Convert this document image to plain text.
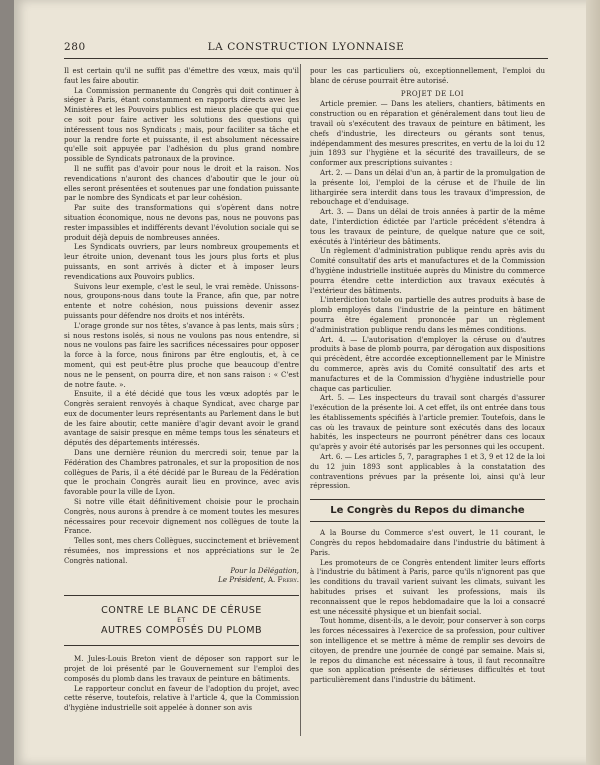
280	LA CONSTRUCTION LYONNAISE

Il est certain qu'il ne suffit pas d'émettre des vœux, mais qu'il faut les faire aboutir.

La Commission permanente du Congrès qui doit continuer à siéger à Paris, étant constamment en rapports directs avec les Ministères et les Pouvoirs publics est mieux placée que qui que ce soit pour faire activer les solutions des questions qui intéressent tous nos Syndicats ; mais, pour faciliter sa tâche et pour la rendre forte et puissante, il est absolument nécessaire qu'elle soit appuyée par l'adhésion du plus grand nombre possible de Syndicats patronaux de la province.

Il ne suffit pas d'avoir pour nous le droit et la raison. Nos revendications n'auront des chances d'aboutir que le jour où elles seront présentées et soutenues par une fondation puissante par le nombre des Syndicats et par leur cohésion.

Par suite des transformations qui s'opèrent dans notre situation économique, nous ne devons pas, nous ne pouvons pas rester impassibles et indifférents devant l'évolution sociale qui se produit déjà depuis de nombreuses années.

Les Syndicats ouvriers, par leurs nombreux groupements et leur étroite union, devenant tous les jours plus forts et plus puissants, en sont arrivés à dicter et à imposer leurs revendications aux Pouvoirs publics.

Suivons leur exemple, c'est le seul, le vrai remède. Unissons-nous, groupons-nous dans toute la France, afin que, par notre entente et notre cohésion, nous puissions devenir assez puissants pour défendre nos droits et nos intérêts.

L'orage gronde sur nos têtes, s'avance à pas lents, mais sûrs ; si nous restons isolés, si nous ne voulons pas nous entendre, si nous ne voulons pas faire les sacrifices nécessaires pour opposer la force à la force, nous finirons par être engloutis, et, à ce moment, qui est peut-être plus proche que beaucoup d'entre nous ne le pensent, on pourra dire, et non sans raison : « C'est de notre faute. ».

Ensuite, il a été décidé que tous les vœux adoptés par le Congrès seraient renvoyés à chaque Syndicat, avec charge par eux de documenter leurs représentants au Parlement dans le but de les faire aboutir, cette manière d'agir devant avoir le grand avantage de saisir presque en même temps tous les sénateurs et députés des départements intéressés.

Dans une dernière réunion du mercredi soir, tenue par la Fédération des Chambres patronales, et sur la proposition de nos collègues de Paris, il a été décidé par le Bureau de la Fédération que le prochain Congrès aurait lieu en province, avec avis favorable pour la ville de Lyon.

Si notre ville était définitivement choisie pour le prochain Congrès, nous aurons à prendre à ce moment toutes les mesures nécessaires pour recevoir dignement nos collègues de toute la France.

Telles sont, mes chers Collègues, succinctement et brièvement résumées, nos impressions et nos appréciations sur le 2e Congrès national.

Pour la Délégation,

Le Président, A. Frery.

CONTRE LE BLANC DE CÉRUSE
ET
AUTRES COMPOSÉS DU PLOMB

M. Jules-Louis Breton vient de déposer son rapport sur le projet de loi présenté par le Gouvernement sur l'emploi des composés du plomb dans les travaux de peinture en bâtiments.

Le rapporteur conclut en faveur de l'adoption du projet, avec cette réserve, toutefois, relative à l'article 4, que la Commission d'hygiène industrielle soit appelée à donner son avis

pour les cas particuliers où, exceptionnellement, l'emploi du blanc de céruse pourrait être autorisé.

PROJET DE LOI

Article premier. — Dans les ateliers, chantiers, bâtiments en construction ou en réparation et généralement dans tout lieu de travail où s'exécutent des travaux de peinture en bâtiment, les chefs d'industrie, les directeurs ou gérants sont tenus, indépendamment des mesures prescrites, en vertu de la loi du 12 juin 1893 sur l'hygiène et la sécurité des travailleurs, de se conformer aux prescriptions suivantes :

Art. 2. — Dans un délai d'un an, à partir de la promulgation de la présente loi, l'emploi de la céruse et de l'huile de lin lithargirée sera interdit dans tous les travaux d'impression, de rebouchage et d'enduisage.

Art. 3. — Dans un délai de trois années à partir de la même date, l'interdiction édictée par l'article précédent s'étendra à tous les travaux de peinture, de quelque nature que ce soit, exécutés à l'intérieur des bâtiments.

Un règlement d'administration publique rendu après avis du Comité consultatif des arts et manufactures et de la Commission d'hygiène industrielle instituée auprès du Ministre du commerce pourra étendre cette interdiction aux travaux exécutés à l'extérieur des bâtiments.

L'interdiction totale ou partielle des autres produits à base de plomb employés dans l'industrie de la peinture en bâtiment pourra être également prononcée par un règlement d'administration publique rendu dans les mêmes conditions.

Art. 4. — L'autorisation d'employer la céruse ou d'autres produits à base de plomb pourra, par dérogation aux dispositions qui précèdent, être accordée exceptionnellement par le Ministre du commerce, après avis du Comité consultatif des arts et manufactures et de la Commission d'hygiène industrielle pour chaque cas particulier.

Art. 5. — Les inspecteurs du travail sont chargés d'assurer l'exécution de la présente loi. A cet effet, ils ont entrée dans tous les établissements spécifiés à l'article premier. Toutefois, dans le cas où les travaux de peinture sont exécutés dans des locaux habités, les inspecteurs ne pourront pénétrer dans ces locaux qu'après y avoir été autorisés par les personnes qui les occupent.

Art. 6. — Les articles 5, 7, paragraphes 1 et 3, 9 et 12 de la loi du 12 juin 1893 sont applicables à la constatation des contraventions prévues par la présente loi, ainsi qu'à leur répression.

Le Congrès du Repos du dimanche

A la Bourse du Commerce s'est ouvert, le 11 courant, le Congrès du repos hebdomadaire dans l'industrie du bâtiment à Paris.

Les promoteurs de ce Congrès entendent limiter leurs efforts à l'industrie du bâtiment à Paris, parce qu'ils n'ignorent pas que les conditions du travail varient suivant les climats, suivant les habitudes prises et suivant les professions, mais ils reconnaissent que le repos hebdomadaire que la loi a consacré est une nécessité physique et un bienfait social.

Tout homme, disent-ils, a le devoir, pour conserver à son corps les forces nécessaires à l'exercice de sa profession, pour cultiver son intelligence et se mettre à même de remplir ses devoirs de citoyen, de prendre une journée de congé par semaine. Mais si, le repos du dimanche est nécessaire à tous, il faut reconnaître que son application présente de sérieuses difficultés et tout particulièrement dans l'industrie du bâtiment.
